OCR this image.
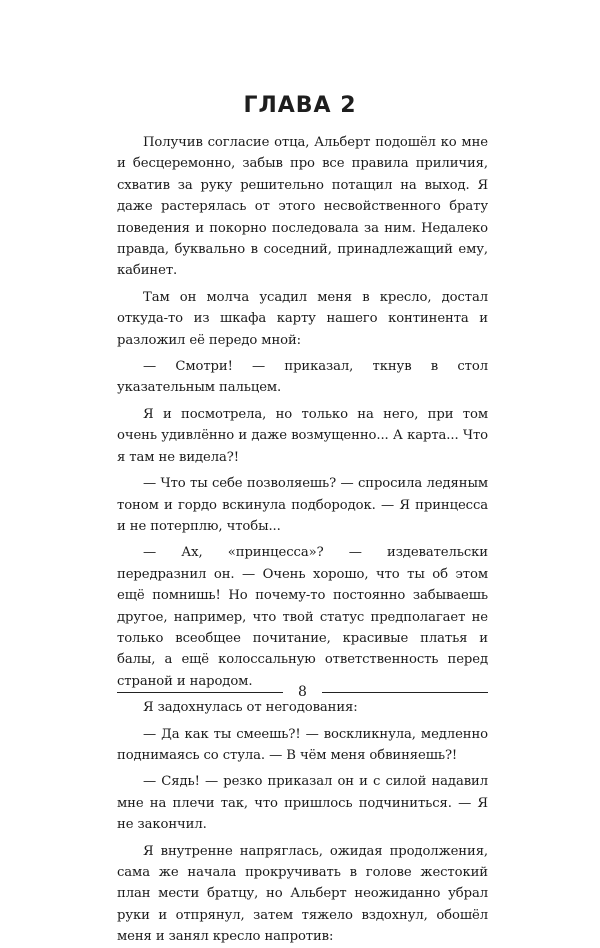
ГЛАВА 2

Получив согласие отца, Альберт подошёл ко мне и бесцеремонно, забыв про все правила приличия, схватив за руку решительно потащил на выход. Я даже растерялась от этого несвойственного брату поведения и покорно последовала за ним. Недалеко правда, буквально в соседний, принадлежащий ему, кабинет.

Там он молча усадил меня в кресло, достал откуда-то из шкафа карту нашего континента и разложил её передо мной:

— Смотри! — приказал, ткнув в стол указательным пальцем.

Я и посмотрела, но только на него, при том очень удивлённо и даже возмущенно... А карта... Что я там не видела?!

— Что ты себе позволяешь? — спросила ледяным тоном и гордо вскинула подбородок. — Я принцесса и не потерплю, чтобы...

— Ах, «принцесса»? — издевательски передразнил он. — Очень хорошо, что ты об этом ещё помнишь! Но почему-то постоянно забываешь другое, например, что твой статус предполагает не только всеобщее почитание, красивые платья и балы, а ещё колоссальную ответственность перед страной и народом.

Я задохнулась от негодования:

— Да как ты смеешь?! — воскликнула, медленно поднимаясь со стула. — В чём меня обвиняешь?!

— Сядь! — резко приказал он и с силой надавил мне на плечи так, что пришлось подчиниться. — Я не закончил.

Я внутренне напряглась, ожидая продолжения, сама же начала прокручивать в голове жестокий план мести братцу, но Альберт неожиданно убрал руки и отпрянул, затем тяжело вздохнул, обошёл меня и занял кресло напротив:

8
